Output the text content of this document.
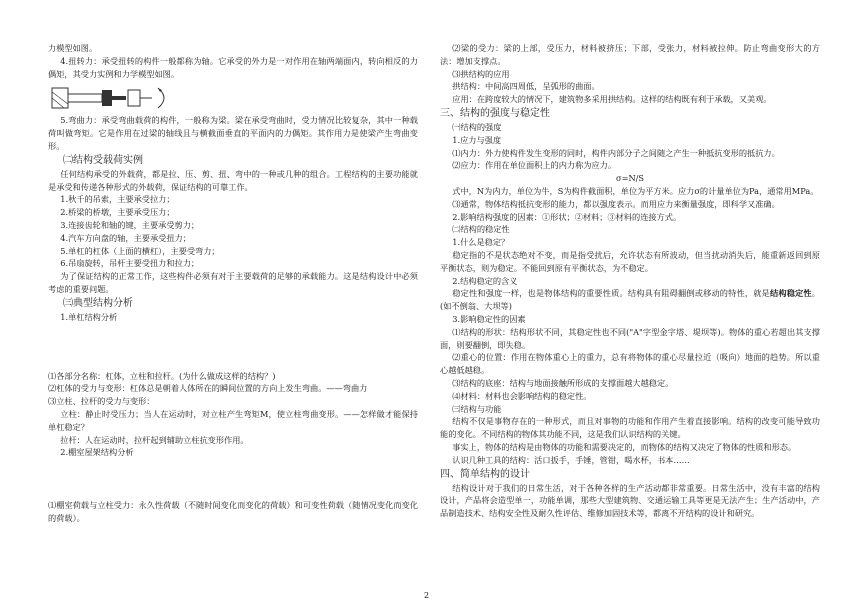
力模型如图。

4.扭转力：承受扭转的构件一般都称为轴。它承受的外力是一对作用在轴两端面内，转向相反的力偶矩，其受力实例和力学模型如图。

5.弯曲力：承受弯曲载荷的构件，一般称为梁。梁在承受弯曲时，受力情况比较复杂，其中一种载荷叫做弯矩。它是作用在过梁的轴线且与横截面垂直的平面内的力偶矩。其作用力是使梁产生弯曲变形。

㈡结构受载荷实例

任何结构承受的外载荷，都是拉、压、剪、扭、弯中的一种或几种的组合。工程结构的主要功能就是承受和传递各种形式的外载荷，保证结构的可靠工作。

1.秋千的吊索，主要承受拉力；

2.桥梁的桥墩，主要承受压力；

3.连接齿轮和轴的键，主要承受剪力；

4.汽车方向盘的轴，主要承受扭力；

5.单杠的杠体（上面的横杠），主要受弯力；

6.吊扇旋转，吊杆主要受扭力和拉力；

为了保证结构的正常工作，这些构件必须有对于主要载荷的足够的承载能力。这是结构设计中必须考虑的重要问题。

㈢典型结构分析

1.单杠结构分析

⑴各部分名称：杠体，立柱和拉杆。(为什么做成这样的结构？)

⑵杠体的受力与变形：杠体总是朝着人体所在的瞬间位置的方向上发生弯曲。——弯曲力

⑶立柱、拉杆的受力与变形：

立柱：静止时受压力；当人在运动时，对立柱产生弯矩M，使立柱弯曲变形。——怎样做才能保持单杠稳定？

拉杆：人在运动时，拉杆起到辅助立柱抗变形作用。

2.棚室屋架结构分析

⑴棚室荷载与立柱受力：永久性荷载（不随时间变化而变化的荷载）和可变性荷载（随情况变化而变化的荷载）。

⑵梁的受力：梁的上部，受压力，材料被挤压；下部，受张力，材料被拉伸。防止弯曲变形大的方法：增加支撑点。

⑶拱结构的应用

拱结构：中间高四周低，呈弧形的曲面。

应用：在跨度较大的情况下，建筑物多采用拱结构。这样的结构既有利于承载，又美观。

三、结构的强度与稳定性

㈠结构的强度

1.应力与强度

⑴内力：外力使构件发生变形的同时，构件内部分子之间随之产生一种抵抗变形的抵抗力。

⑵应力：作用在单位面积上的内力称为应力。

σ=N/S

式中，N为内力，单位为牛，S为构件截面积，单位为平方米。应力σ的计量单位为Pa，通常用MPa。

⑶通常，物体结构抵抗变形的能力，都以强度表示。而用应力来衡量强度，即科学又准确。

2.影响结构强度的因素：①形状；②材料；③材料的连接方式。

㈡结构的稳定性

1.什么是稳定？

稳定指的不是状态绝对不变，而是指受扰后，允许状态有所波动，但当扰动消失后，能重新返回到原平衡状态，则为稳定。不能回到原有平衡状态，为不稳定。

2.结构稳定的含义

稳定性和强度一样，也是物体结构的重要性质。结构具有阻碍翻倒或移动的特性，就是结构稳定性。(如不倒翁、大坝等)

3.影响稳定性的因素

⑴结构的形状：结构形状不同，其稳定性也不同("A"字型金字塔、堤坝等)。物体的重心若超出其支撑面，则要翻倒，即失稳。

⑵重心的位置：作用在物体重心上的重力，总有将物体的重心尽量拉近（吸向）地面的趋势。所以重心越低越稳。

⑶结构的底座：结构与地面接触所形成的支撑面越大越稳定。

⑷材料：材料也会影响结构的稳定性。

㈢结构与功能

结构不仅是事物存在的一种形式，而且对事物的功能和作用产生着直接影响。结构的改变可能导致功能的变化。不同结构的物体其功能不同，这是我们认识结构的关键。

事实上，物体的结构是由物体的功能和需要决定的，而物体的结构又决定了物体的性质和形态。

认识几种工具的结构：活口扳手，手锤，管钳，喝水杯，书本……

四、简单结构的设计

结构设计对于我们的日常生活，对于各种各样的生产活动都非常重要。日常生活中，没有丰富的结构设计，产品将会造型单一，功能单调，那些大型建筑物、交通运输工具等更是无法产生；生产活动中，产品制造技术、结构安全性及耐久性评估、维修加固技术等，都离不开结构的设计和研究。

2
